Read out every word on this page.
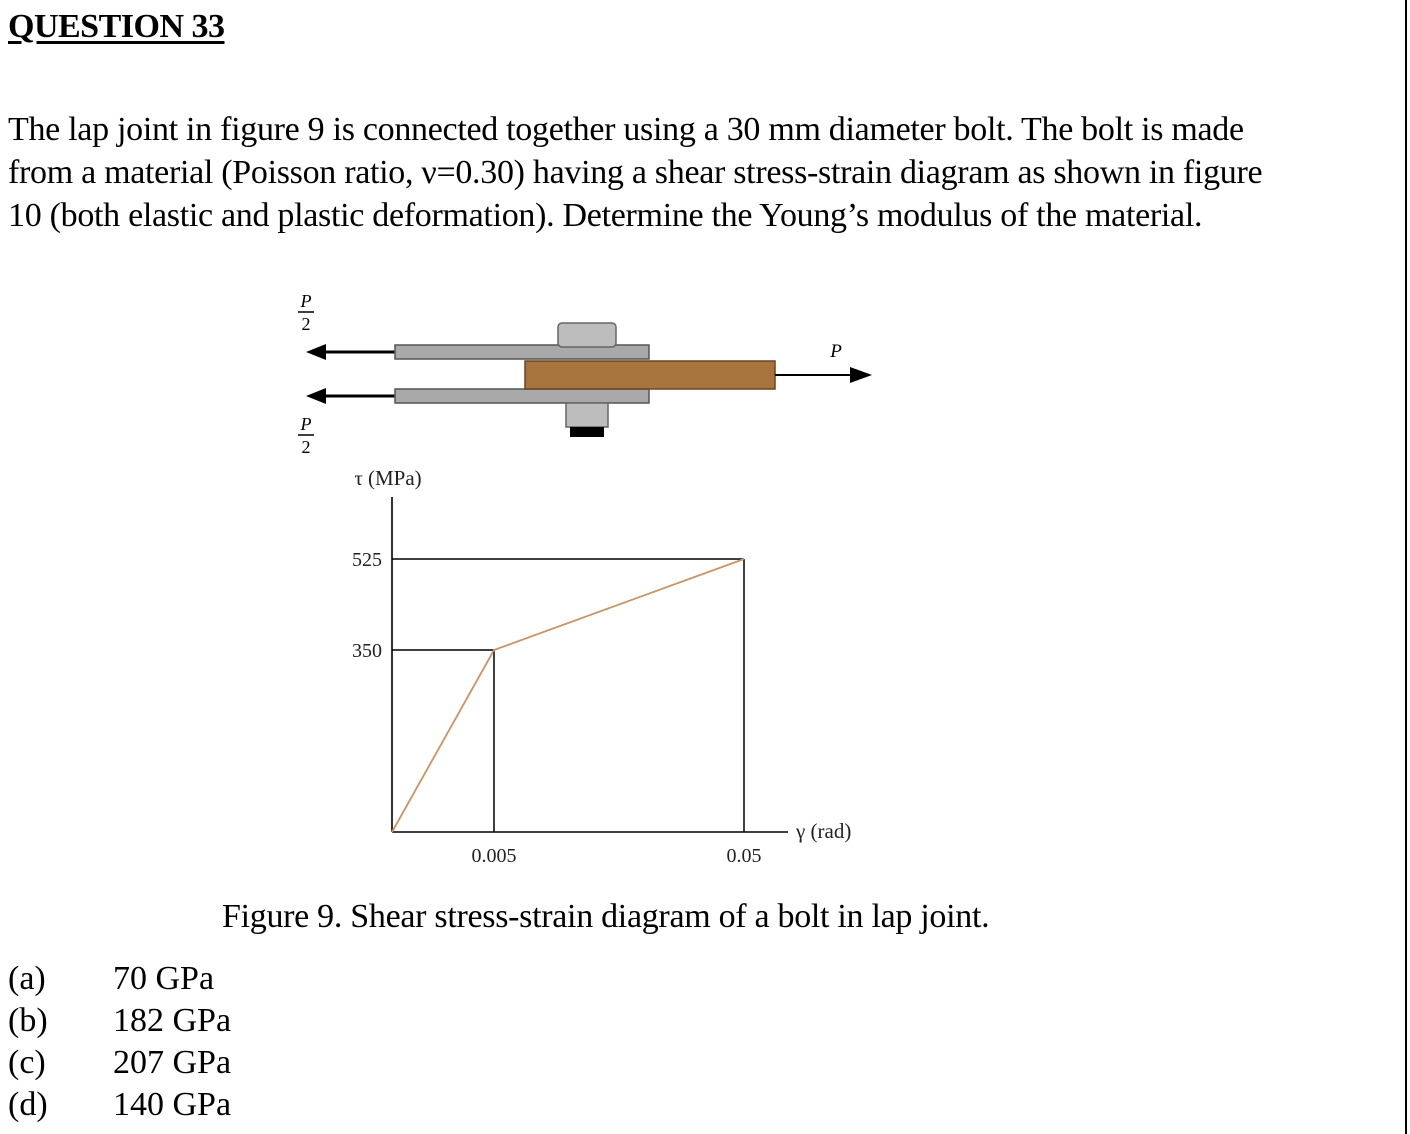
QUESTION 33

The lap joint in figure 9 is connected together using a 30 mm diameter bolt. The bolt is made
from a material (Poisson ratio, ν=0.30) having a shear stress-strain diagram as shown in figure
10 (both elastic and plastic deformation). Determine the Young’s modulus of the material.

P
2
P
2
P
350
525
0.005	0.05
τ (MPa)
γ (rad)
Figure 9. Shear stress-strain diagram of a bolt in lap joint.
(a) 70 GPa
(b) 182 GPa
(c) 207 GPa
(d) 140 GPa
